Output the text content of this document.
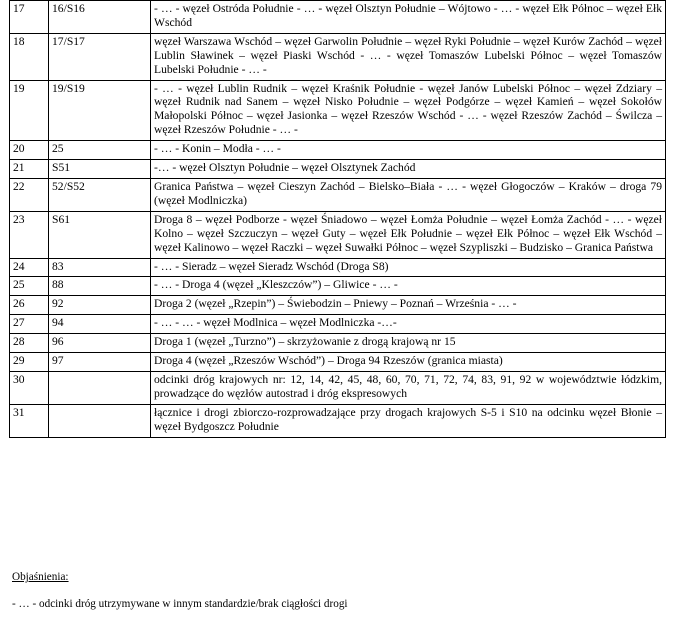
17	16/S16	- … - węzeł Ostróda Południe - … - węzeł Olsztyn Południe – Wójtowo - … - węzeł Ełk Północ – węzeł Ełk Wschód
18	17/S17	węzeł Warszawa Wschód – węzeł Garwolin Południe – węzeł Ryki Południe – węzeł Kurów Zachód – węzeł Lublin Sławinek – węzeł Piaski Wschód - … - węzeł Tomaszów Lubelski Północ – węzeł Tomaszów Lubelski Południe - … -
19	19/S19	- … - węzeł Lublin Rudnik – węzeł Kraśnik Południe - węzeł Janów Lubelski Północ – węzeł Zdziary – węzeł Rudnik nad Sanem – węzeł Nisko Południe – węzeł Podgórze – węzeł Kamień – węzeł Sokołów Małopolski Północ – węzeł Jasionka – węzeł Rzeszów Wschód - … - węzeł Rzeszów Zachód – Świlcza – węzeł Rzeszów Południe - … -
20	25	- … - Konin – Modła - … -
21	S51	-… - węzeł Olsztyn Południe – węzeł Olsztynek Zachód
22	52/S52	Granica Państwa – węzeł Cieszyn Zachód – Bielsko–Biała - … - węzeł Głogoczów – Kraków – droga 79 (węzeł Modlniczka)
23	S61	Droga 8 – węzeł Podborze - węzeł Śniadowo – węzeł Łomża Południe – węzeł Łomża Zachód - … - węzeł Kolno – węzeł Szczuczyn – węzeł Guty – węzeł Ełk Południe – węzeł Ełk Północ – węzeł Ełk Wschód – węzeł Kalinowo – węzeł Raczki – węzeł Suwałki Północ – węzeł Szypliszki – Budzisko – Granica Państwa
24	83	- … - Sieradz – węzeł Sieradz Wschód (Droga S8)
25	88	- … - Droga 4 (węzeł „Kleszczów”) – Gliwice - … -
26	92	Droga 2 (węzeł „Rzepin”) – Świebodzin – Pniewy – Poznań – Września - … -
27	94	- … - … - węzeł Modlnica – węzeł Modlniczka -…-
28	96	Droga 1 (węzeł „Turzno”) – skrzyżowanie z drogą krajową nr 15
29	97	Droga 4 (węzeł „Rzeszów Wschód”) – Droga 94 Rzeszów (granica miasta)
30		odcinki dróg krajowych nr: 12, 14, 42, 45, 48, 60, 70, 71, 72, 74, 83, 91, 92 w województwie łódzkim, prowadzące do węzłów autostrad i dróg ekspresowych
31		łącznice i drogi zbiorczo-rozprowadzające przy drogach krajowych S-5 i S10 na odcinku węzeł Błonie – węzeł Bydgoszcz Południe
Objaśnienia:
- … - odcinki dróg utrzymywane w innym standardzie/brak ciągłości drogi
